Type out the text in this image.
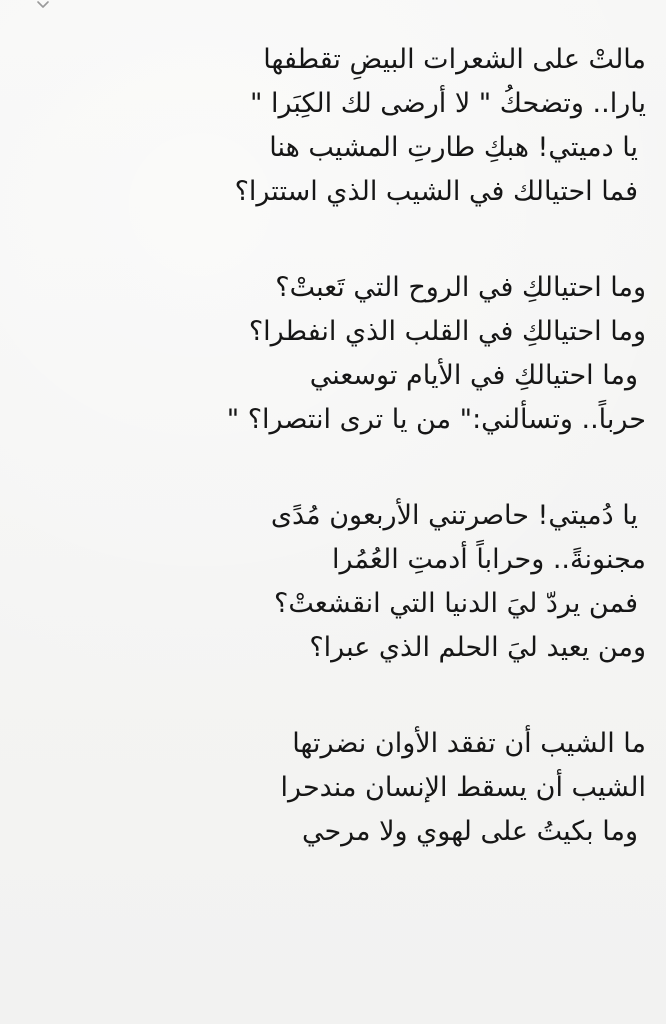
مالتْ على الشعرات البيضِ تقطفها
يارا.. وتضحكُ " لا أرضى لك الكِبَرا "
يا دميتي! هبكِ طارتِ المشيب هنا
فما احتيالك في الشيب الذي استترا؟
وما احتيالكِ في الروح التي تَعبتْ؟
وما احتيالكِ في القلب الذي انفطرا؟
وما احتيالكِ في الأيام توسعني
حرباً.. وتسألني:" من يا ترى انتصرا؟ "
يا دُميتي! حاصرتني الأربعون مُدًى
مجنونةً.. وحراباً أدمتِ العُمُرا
فمن يردّ ليَ الدنيا التي انقشعتْ؟
ومن يعيد ليَ الحلم الذي عبرا؟
ما الشيب أن تفقد الأوان نضرتها
الشيب أن يسقط الإنسان مندحرا
وما بكيتُ على لهوي ولا مرحي
